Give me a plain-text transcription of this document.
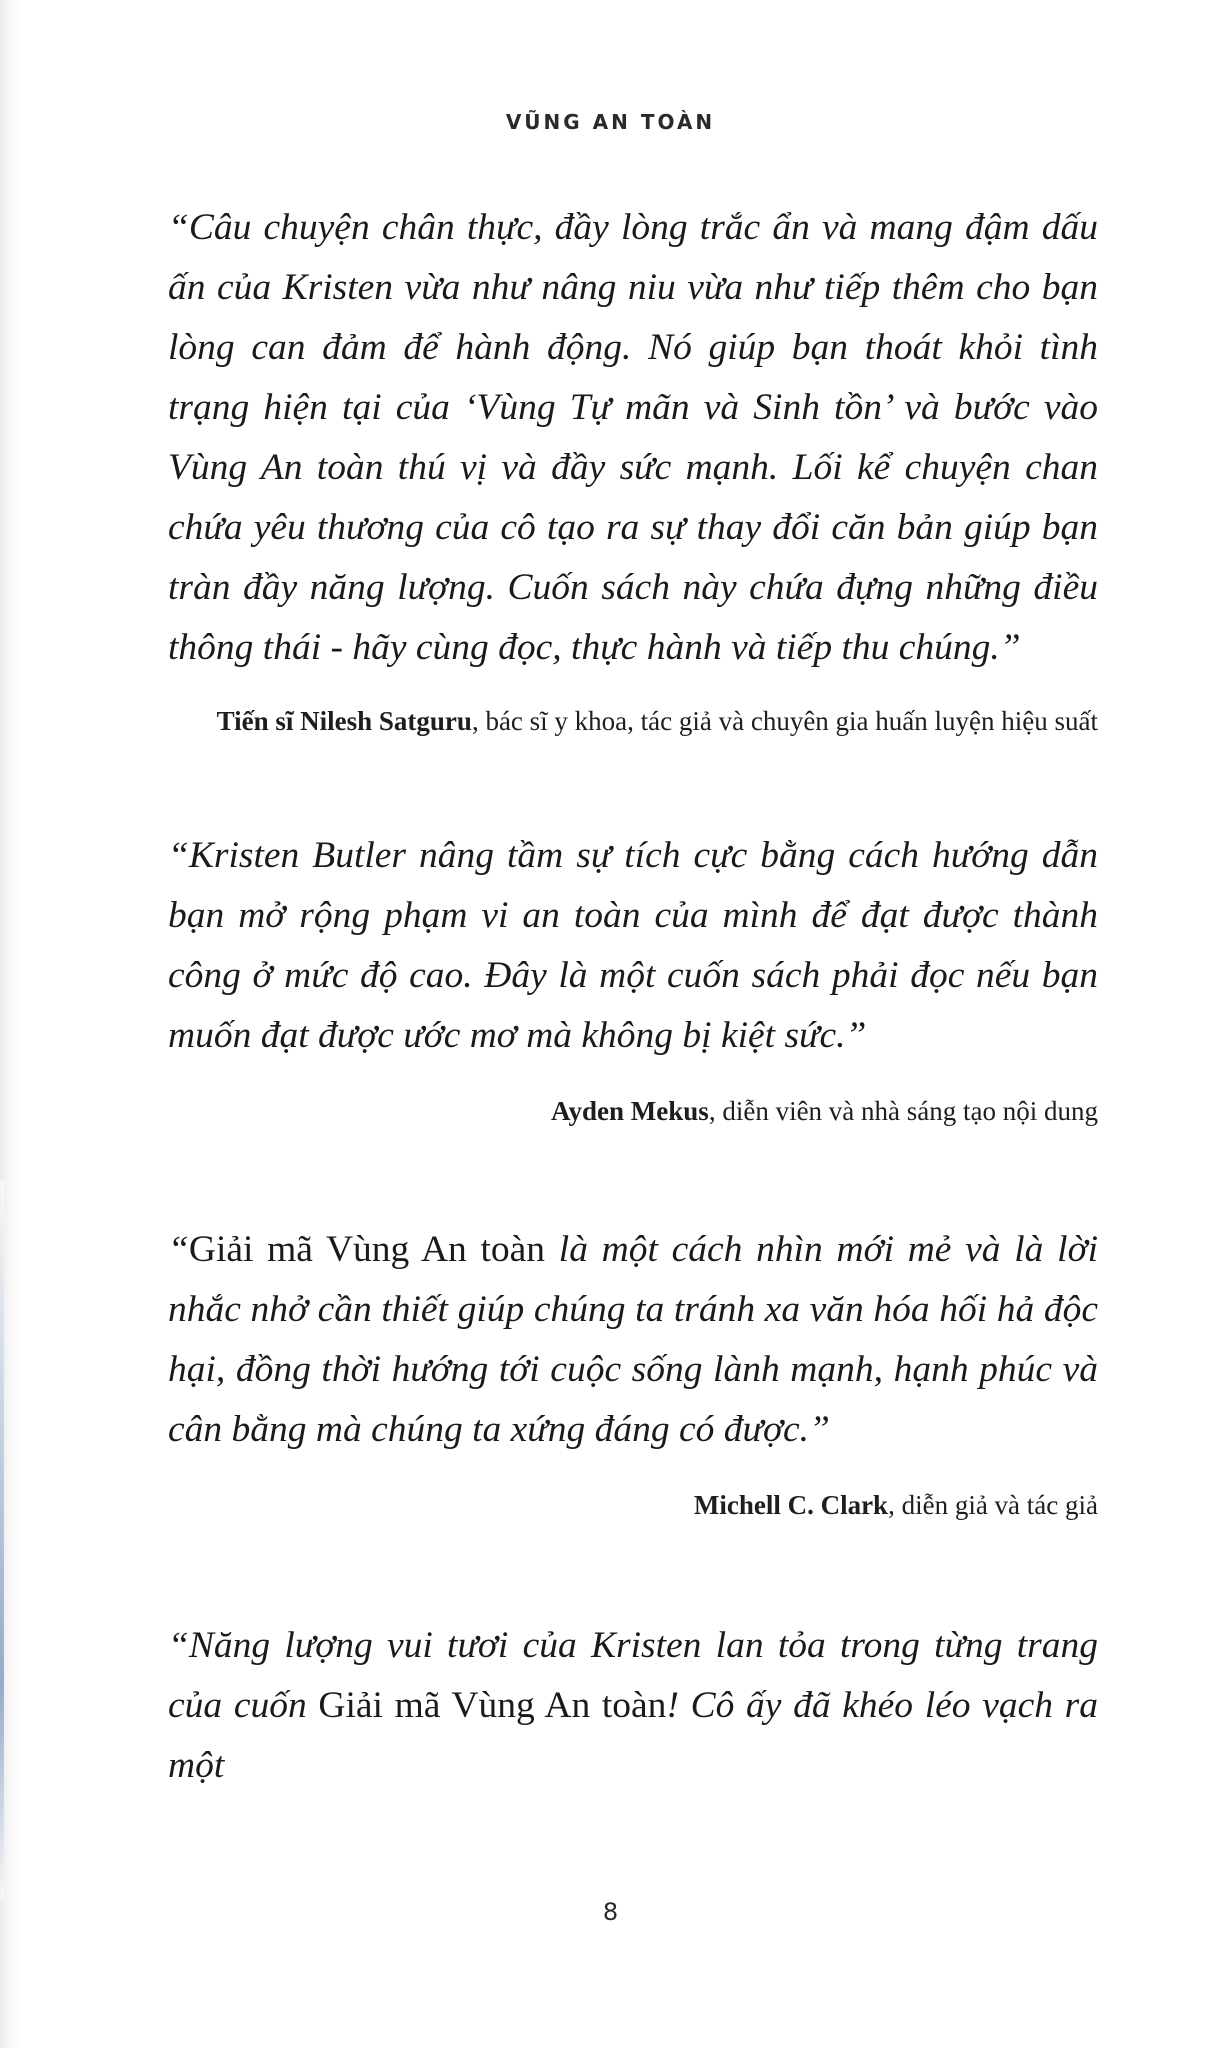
VŨNG AN TOÀN

“Câu chuyện chân thực, đầy lòng trắc ẩn và mang đậm dấu ấn của Kristen vừa như nâng niu vừa như tiếp thêm cho bạn lòng can đảm để hành động. Nó giúp bạn thoát khỏi tình trạng hiện tại của ‘Vùng Tự mãn và Sinh tồn’ và bước vào Vùng An toàn thú vị và đầy sức mạnh. Lối kể chuyện chan chứa yêu thương của cô tạo ra sự thay đổi căn bản giúp bạn tràn đầy năng lượng. Cuốn sách này chứa đựng những điều thông thái - hãy cùng đọc, thực hành và tiếp thu chúng.”

Tiến sĩ Nilesh Satguru, bác sĩ y khoa, tác giả và chuyên gia huấn luyện hiệu suất

“Kristen Butler nâng tầm sự tích cực bằng cách hướng dẫn bạn mở rộng phạm vi an toàn của mình để đạt được thành công ở mức độ cao. Đây là một cuốn sách phải đọc nếu bạn muốn đạt được ước mơ mà không bị kiệt sức.”

Ayden Mekus, diễn viên và nhà sáng tạo nội dung

“Giải mã Vùng An toàn là một cách nhìn mới mẻ và là lời nhắc nhở cần thiết giúp chúng ta tránh xa văn hóa hối hả độc hại, đồng thời hướng tới cuộc sống lành mạnh, hạnh phúc và cân bằng mà chúng ta xứng đáng có được.”

Michell C. Clark, diễn giả và tác giả

“Năng lượng vui tươi của Kristen lan tỏa trong từng trang của cuốn Giải mã Vùng An toàn! Cô ấy đã khéo léo vạch ra một

8
